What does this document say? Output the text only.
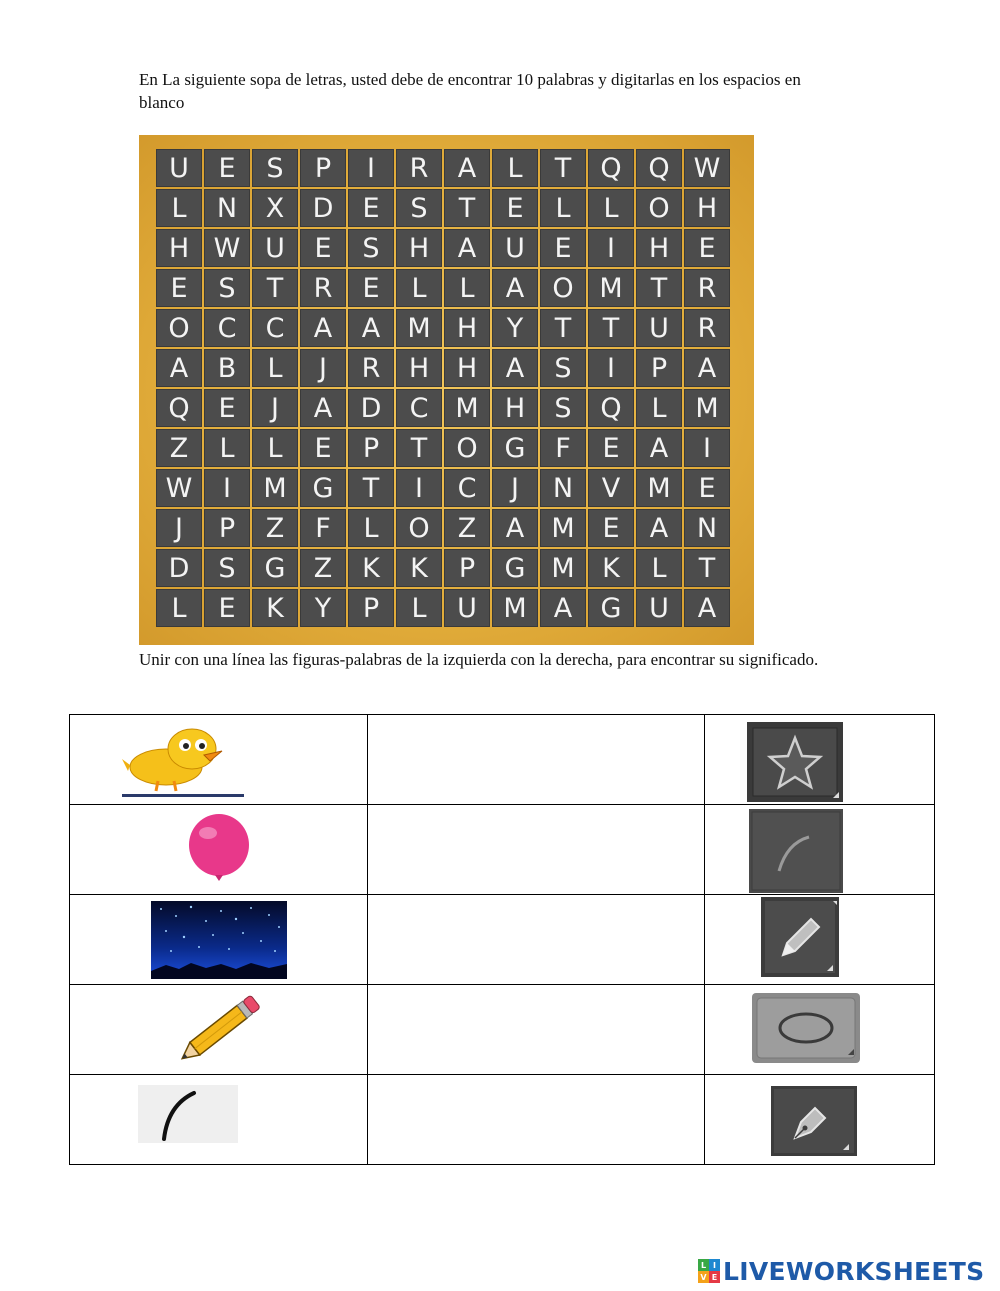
En La siguiente sopa de letras, usted debe de encontrar 10 palabras y digitarlas en los espacios en blanco
U	E	S	P	I	R	A	L	T	Q Q W
L	N	X	D	E	S	T	E	L	L	O	H
H W U	E	S	H	A	U	E	I	H	E
E	S	T	R	E	L	L	A	O M	T	R
O	C	C	A	A	M H	Y	T	T	U	R
A	B	L	J	R	H	H	A	S	I	P	A
Q	E	J	A	D	C M H	S	Q	L	M
Z	L	L	E	P	T	O G	F	E	A	I
W	I	M G	T	I	C	J	N	V	M	E
J	P	Z	F	L	O	Z	A	M	E	A	N
D	S	G	Z	K	K	P	G M	K	L	T
L	E	K	Y	P	L	U M	A	G	U	A
Unir con una línea las figuras-palabras de la izquierda con la derecha, para encontrar su significado.

L I
V E LIVEWORKSHEETS
